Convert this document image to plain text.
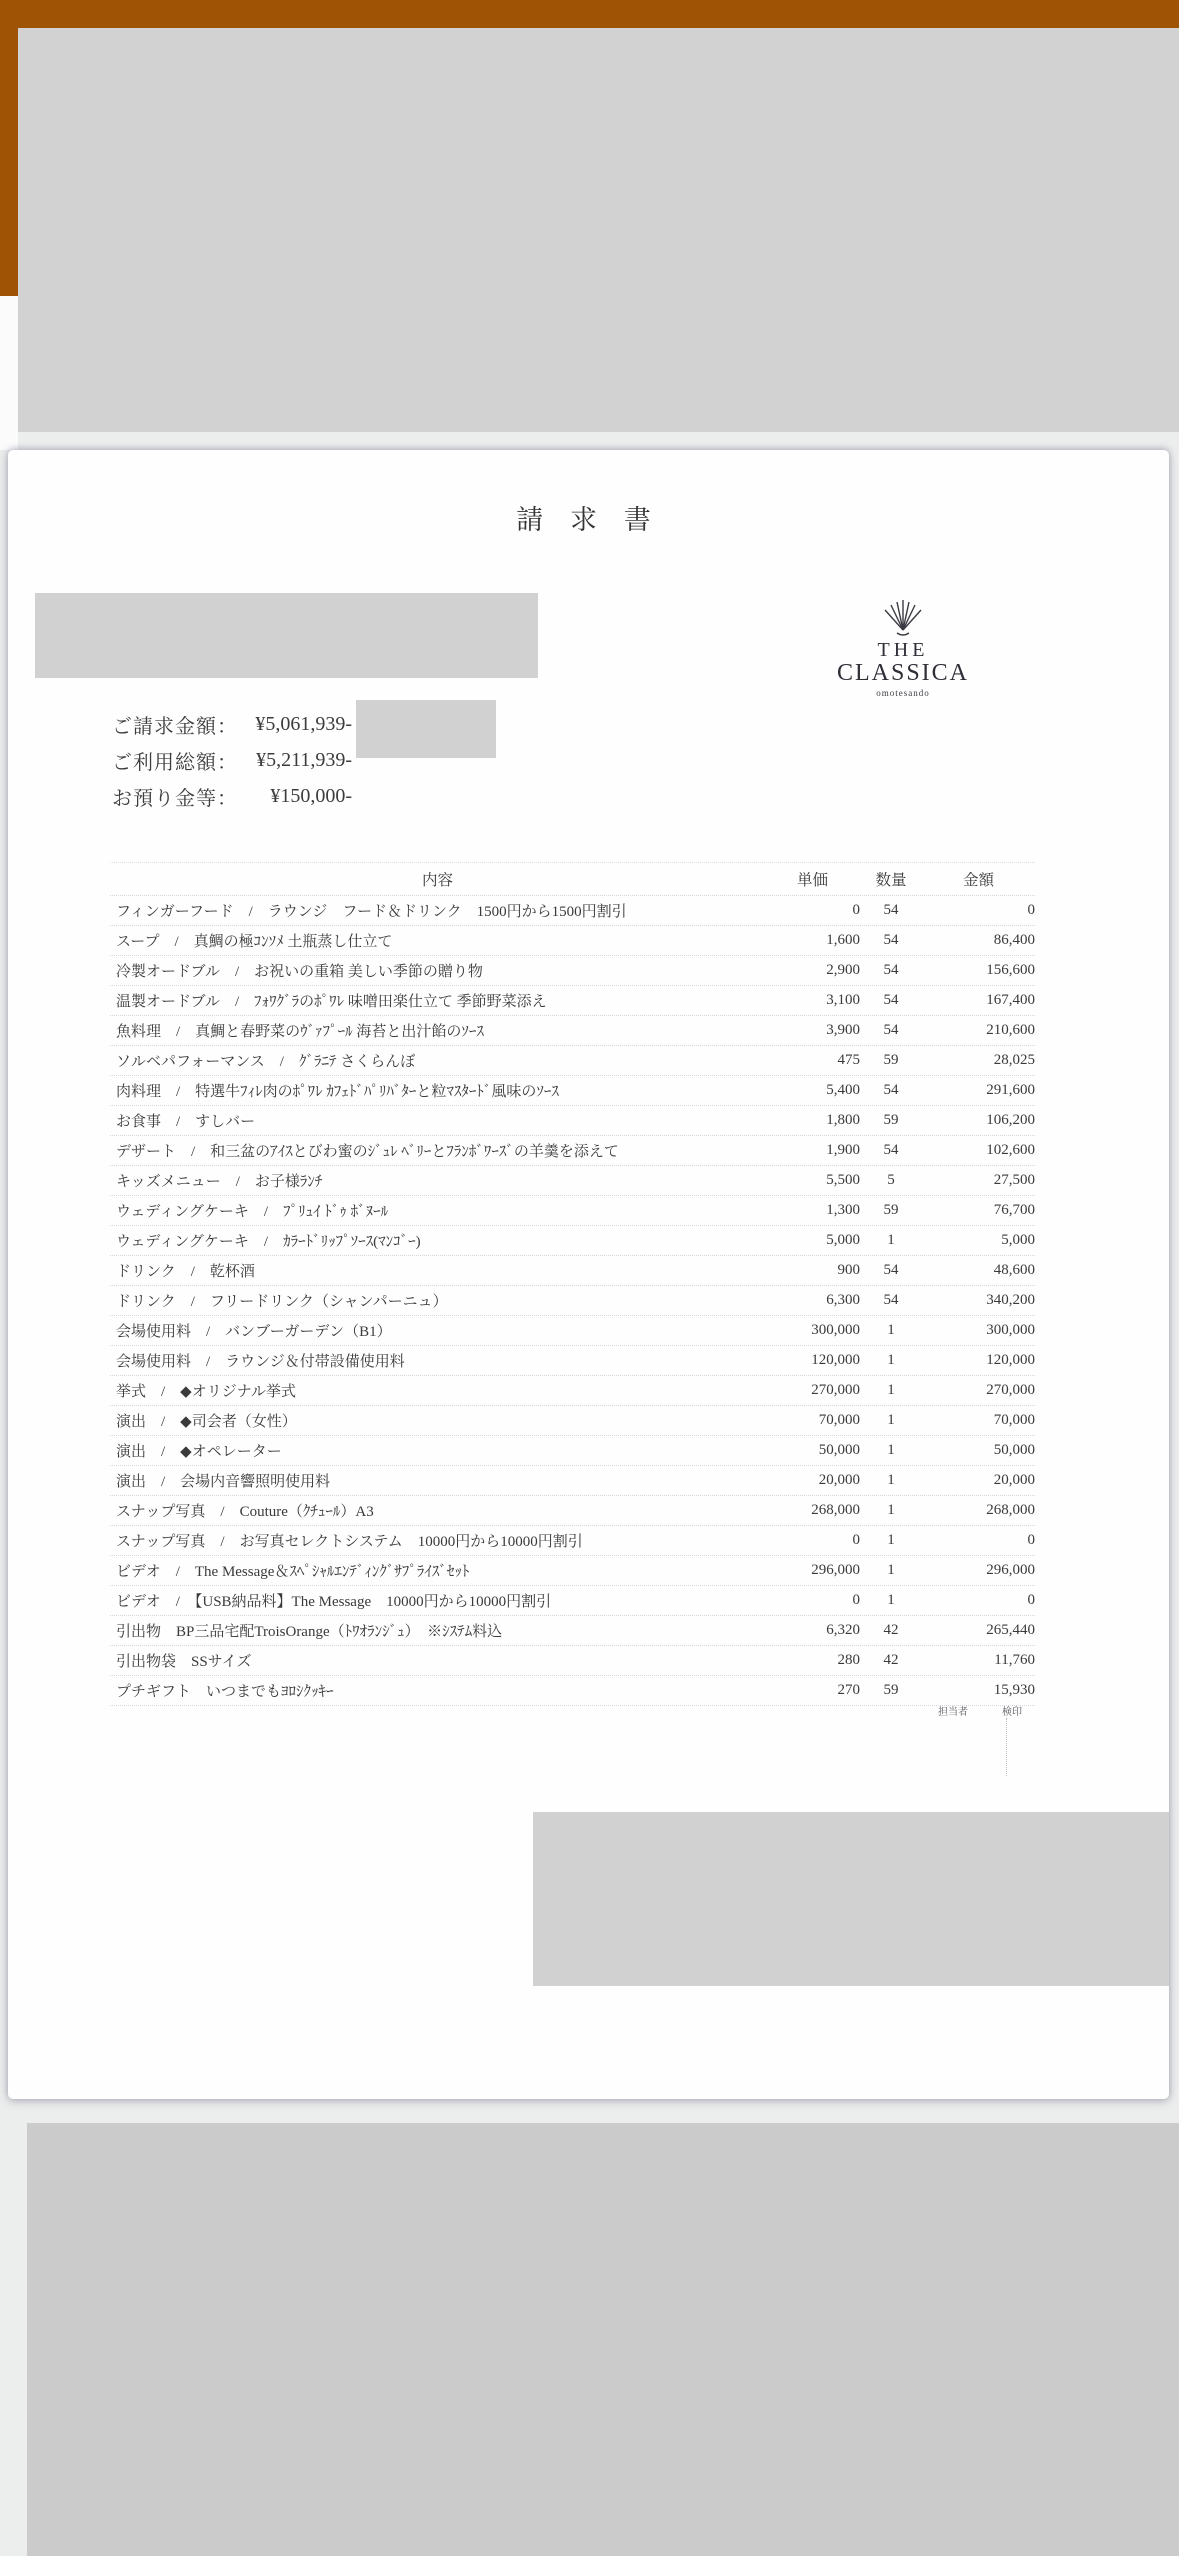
請 求 書
THE
CLASSICA
omotesando
ご請求金額： ¥5,061,939-
ご利用総額： ¥5,211,939-
お預り金等：	¥150,000-
内容	単価	数量	金額
フィンガーフード　/　ラウンジ　フード＆ドリンク　1500円から1500円割引	0	54	0
スープ　/　真鯛の極ｺﾝｿﾒ 土瓶蒸し仕立て	1,600	54	86,400
冷製オードブル　/　お祝いの重箱 美しい季節の贈り物	2,900	54	156,600
温製オードブル　/　ﾌｫﾜｸﾞﾗのﾎﾟﾜﾚ 味噌田楽仕立て 季節野菜添え	3,100	54	167,400
魚料理　/　真鯛と春野菜のｳﾞｧﾌﾟｰﾙ 海苔と出汁餡のｿｰｽ	3,900	54	210,600
ソルベパフォーマンス　/　ｸﾞﾗﾆﾃ さくらんぼ	475	59	28,025
肉料理　/　特選牛ﾌｨﾚ肉のﾎﾟﾜﾚ ｶﾌｪﾄﾞﾊﾟﾘﾊﾞﾀｰと粒ﾏｽﾀｰﾄﾞ風味のｿｰｽ	5,400	54	291,600
お食事　/　すしバー	1,800	59	106,200
デザート　/　和三盆のｱｲｽとびわ蜜のｼﾞｭﾚ ﾍﾞﾘｰとﾌﾗﾝﾎﾞﾜｰｽﾞの羊羹を添えて	1,900	54	102,600
キッズメニュー　/　お子様ﾗﾝﾁ	5,500	5	27,500
ウェディングケーキ　/　ﾌﾟﾘｭｲ ﾄﾞｩ ﾎﾞﾇｰﾙ	1,300	59	76,700
ウェディングケーキ　/　ｶﾗｰﾄﾞﾘｯﾌﾟｿｰｽ(ﾏﾝｺﾞｰ)	5,000	1	5,000
ドリンク　/　乾杯酒	900	54	48,600
ドリンク　/　フリードリンク（シャンパーニュ）	6,300	54	340,200
会場使用料　/　バンブーガーデン（B1）	300,000	1	300,000
会場使用料　/　ラウンジ＆付帯設備使用料	120,000	1	120,000
挙式　/　◆オリジナル挙式	270,000	1	270,000
演出　/　◆司会者（女性）	70,000	1	70,000
演出　/　◆オペレーター	50,000	1	50,000
演出　/　会場内音響照明使用料	20,000	1	20,000
スナップ写真　/　Couture（ｸﾁｭｰﾙ）A3	268,000	1	268,000
スナップ写真　/　お写真セレクトシステム　10000円から10000円割引	0	1	0
ビデオ　/　The Message＆ｽﾍﾟｼｬﾙｴﾝﾃﾞｨﾝｸﾞｻﾌﾟﾗｲｽﾞｾｯﾄ	296,000	1	296,000
ビデオ　/　【USB納品料】The Message　10000円から10000円割引	0	1	0
引出物　BP三品宅配TroisOrange（ﾄﾜｵﾗﾝｼﾞｭ）　※ｼｽﾃﾑ料込	6,320	42	265,440
引出物袋　SSサイズ	280	42	11,760
プチギフト　いつまでもﾖﾛｼｸｯｷｰ	270	59	15,930
担当者	検印
